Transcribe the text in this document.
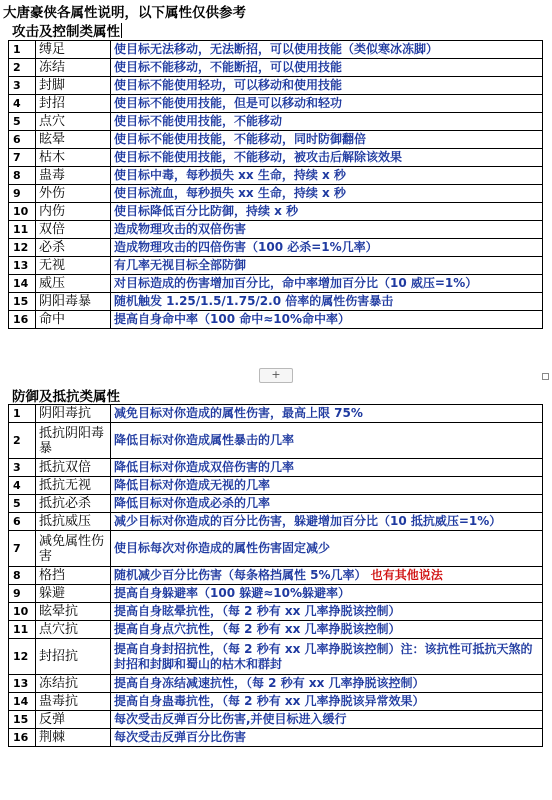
大唐豪侠各属性说明，以下属性仅供参考
攻击及控制类属性
1	缚足	使目标无法移动，无法断招，可以使用技能（类似寒冰冻脚）
2	冻结	使目标不能移动，不能断招，可以使用技能
3	封脚	使目标不能使用轻功，可以移动和使用技能
4	封招	使目标不能使用技能，但是可以移动和轻功
5	点穴	使目标不能使用技能，不能移动
6	眩晕	使目标不能使用技能，不能移动，同时防御翻倍
7	枯木	使目标不能使用技能，不能移动，被攻击后解除该效果
8	蛊毒	使目标中毒，每秒损失 xx 生命，持续 x 秒
9	外伤	使目标流血，每秒损失 xx 生命，持续 x 秒
10	内伤	使目标降低百分比防御，持续 x 秒
11	双倍	造成物理攻击的双倍伤害
12	必杀	造成物理攻击的四倍伤害（100 必杀=1%几率）
13	无视	有几率无视目标全部防御
14	威压	对目标造成的伤害增加百分比，命中率增加百分比（10 威压=1%）
15	阴阳毒暴	随机触发 1.25/1.5/1.75/2.0 倍率的属性伤害暴击
16	命中	提高自身命中率（100 命中≈10%命中率）
+
防御及抵抗类属性
1	阴阳毒抗	减免目标对你造成的属性伤害，最高上限 75%
2	抵抗阴阳毒暴	降低目标对你造成属性暴击的几率
3	抵抗双倍	降低目标对你造成双倍伤害的几率
4	抵抗无视	降低目标对你造成无视的几率
5	抵抗必杀	降低目标对你造成必杀的几率
6	抵抗威压	减少目标对你造成的百分比伤害，躲避增加百分比（10 抵抗威压=1%）
7	减免属性伤害	使目标每次对你造成的属性伤害固定减少
8	格挡	随机减少百分比伤害（每条格挡属性 5%几率） 也有其他说法
9	躲避	提高自身躲避率（100 躲避≈10%躲避率）
10	眩晕抗	提高自身眩晕抗性，（每 2 秒有 xx 几率挣脱该控制）
11	点穴抗	提高自身点穴抗性，（每 2 秒有 xx 几率挣脱该控制）
12	封招抗	提高自身封招抗性，（每 2 秒有 xx 几率挣脱该控制）注：该抗性可抵抗天煞的封招和封脚和蜀山的枯木和群封
13	冻结抗	提高自身冻结减速抗性，（每 2 秒有 xx 几率挣脱该控制）
14	蛊毒抗	提高自身蛊毒抗性，（每 2 秒有 xx 几率挣脱该异常效果）
15	反弹	每次受击反弹百分比伤害,并使目标进入缓行
16	荆棘	每次受击反弹百分比伤害
